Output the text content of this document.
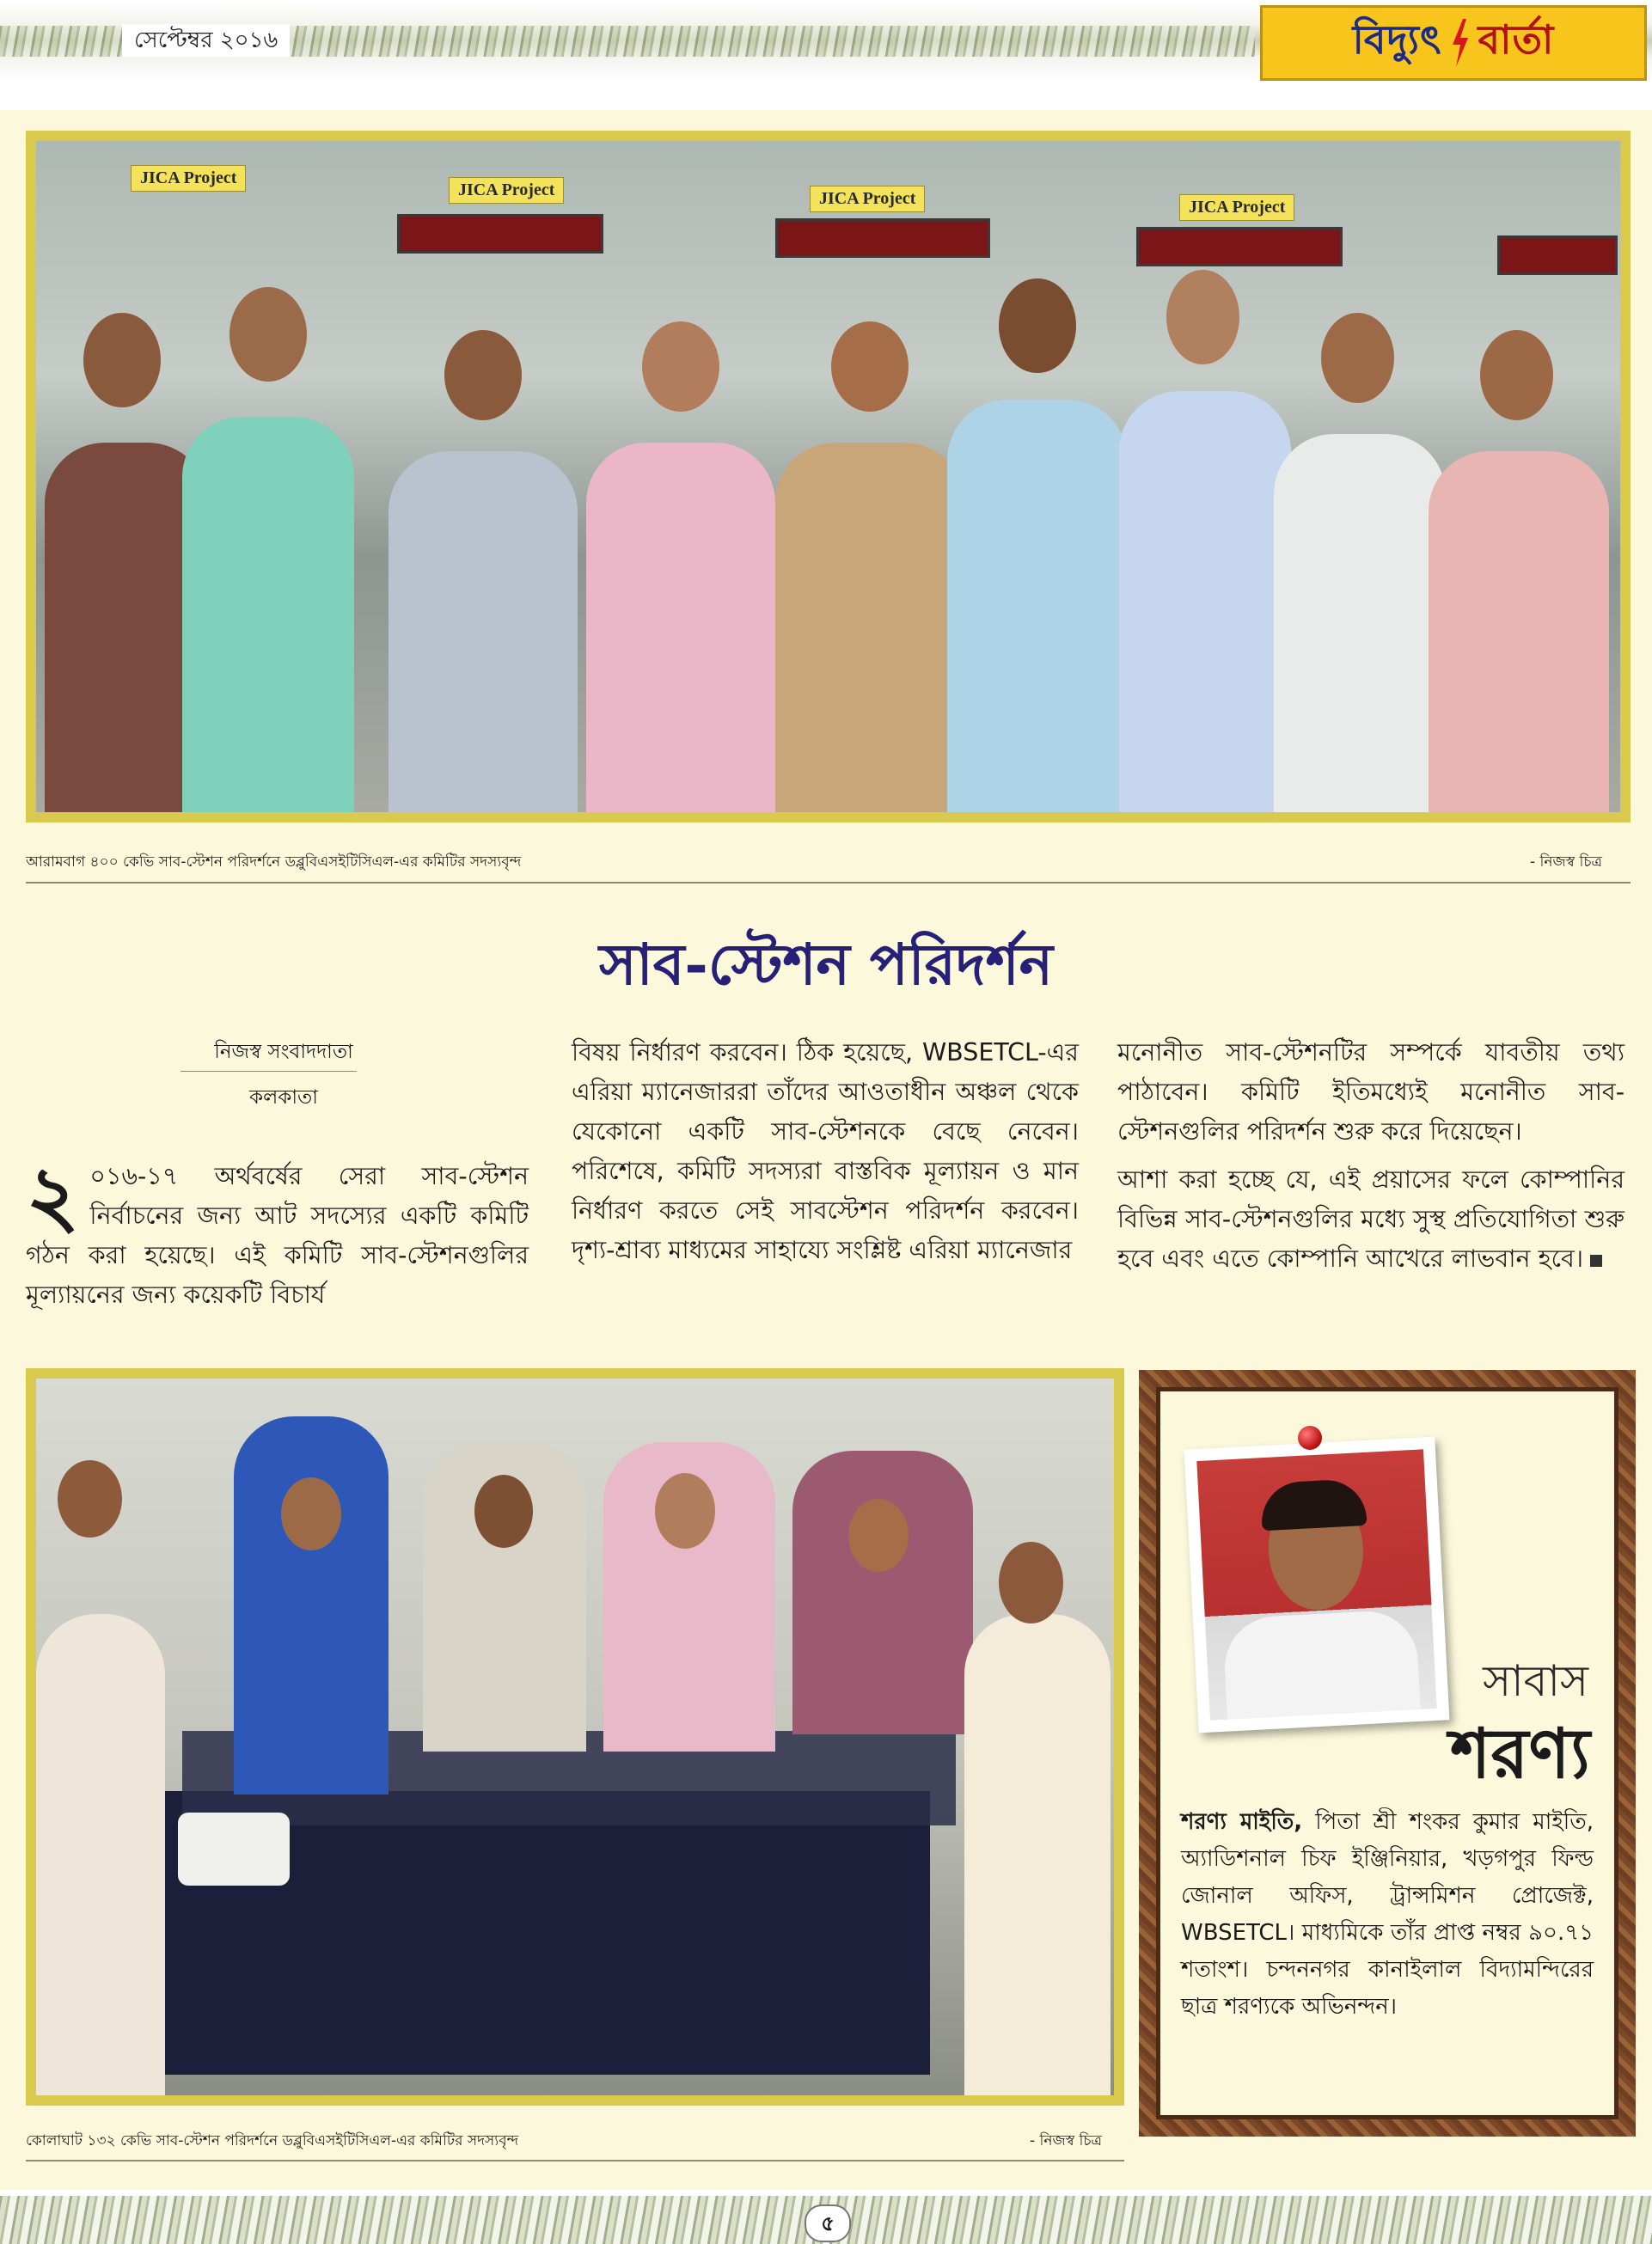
সেপ্টেম্বর ২০১৬	বিদ্যুৎ বার্তা
JICA Project
JICA Project	JICA Project	JICA Project
আরামবাগ ৪০০ কেভি সাব-স্টেশন পরিদর্শনে ডব্লুবিএসইটিসিএল-এর কমিটির সদস্যবৃন্দ	- নিজস্ব চিত্র
সাব-স্টেশন পরিদর্শন
নিজস্ব সংবাদদাতা
কলকাতা
২ ০১৬-১৭ অর্থবর্ষের সেরা সাব-স্টেশন নির্বাচনের জন্য আট সদস্যের একটি কমিটি গঠন করা হয়েছে। এই কমিটি সাব-স্টেশনগুলির মূল্যায়নের জন্য কয়েকটি বিচার্য
বিষয় নির্ধারণ করবেন। ঠিক হয়েছে, WBSETCL-এর এরিয়া ম্যানেজাররা তাঁদের আওতাধীন অঞ্চল থেকে যেকোনো একটি সাব-স্টেশনকে বেছে নেবেন। পরিশেষে, কমিটি সদস্যরা বাস্তবিক মূল্যায়ন ও মান নির্ধারণ করতে সেই সাবস্টেশন পরিদর্শন করবেন। দৃশ্য-শ্রাব্য মাধ্যমের সাহায্যে সংশ্লিষ্ট এরিয়া ম্যানেজার
মনোনীত সাব-স্টেশনটির সম্পর্কে যাবতীয় তথ্য পাঠাবেন। কমিটি ইতিমধ্যেই মনোনীত সাব-স্টেশনগুলির পরিদর্শন শুরু করে দিয়েছেন।
আশা করা হচ্ছে যে, এই প্রয়াসের ফলে কোম্পানির বিভিন্ন সাব-স্টেশনগুলির মধ্যে সুস্থ প্রতিযোগিতা শুরু হবে এবং এতে কোম্পানি আখেরে লাভবান হবে।
কোলাঘাট ১৩২ কেভি সাব-স্টেশন পরিদর্শনে ডব্লুবিএসইটিসিএল-এর কমিটির সদস্যবৃন্দ	- নিজস্ব চিত্র
সাবাস
শরণ্য
শরণ্য মাইতি, পিতা শ্রী শংকর কুমার মাইতি, অ্যাডিশনাল চিফ ইঞ্জিনিয়ার, খড়গপুর ফিল্ড জোনাল অফিস, ট্রান্সমিশন প্রোজেক্ট, WBSETCL। মাধ্যমিকে তাঁর প্রাপ্ত নম্বর ৯০.৭১ শতাংশ। চন্দননগর কানাইলাল বিদ্যামন্দিরের ছাত্র শরণ্যকে অভিনন্দন।
৫
